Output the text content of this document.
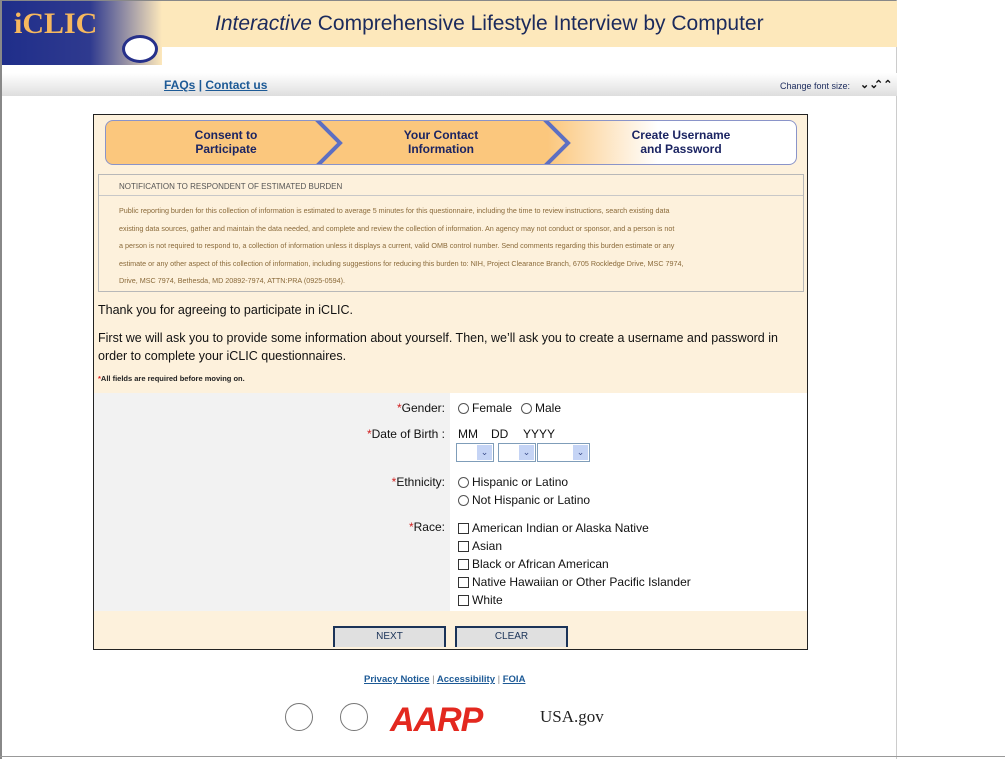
Interactive Comprehensive Lifestyle Interview by Computer
iCLIC
FAQs | Contact us	Change font size: ⌄⌄
⌃⌃
Consent to
Participate
Your Contact
Information
Create Username
and Password
NOTIFICATION TO RESPONDENT OF ESTIMATED BURDEN
Public reporting burden for this collection of information is estimated to average 5 minutes for this questionnaire, including the time to review instructions, search existing data
existing data sources, gather and maintain the data needed, and complete and review the collection of information. An agency may not conduct or sponsor, and a person is not
a person is not required to respond to, a collection of information unless it displays a current, valid OMB control number. Send comments regarding this burden estimate or any
estimate or any other aspect of this collection of information, including suggestions for reducing this burden to: NIH, Project Clearance Branch, 6705 Rockledge Drive, MSC 7974,
Drive, MSC 7974, Bethesda, MD 20892-7974, ATTN:PRA (0925-0594).

Thank you for agreeing to participate in iCLIC.

First we will ask you to provide some information about yourself. Then, we’ll ask you to create a username and password in order to complete your iCLIC questionnaires.

*All fields are required before moving on.
*Gender: Female Male
*Date of Birth : MM	DD	YYYY
⌄	⌄	⌄
*Ethnicity: Hispanic or Latino
Not Hispanic or Latino
*Race: American Indian or Alaska Native
Asian
Black or African American
Native Hawaiian or Other Pacific Islander
White
NEXT	CLEAR
Privacy Notice | Accessibility | FOIA
AARP	USA.gov
